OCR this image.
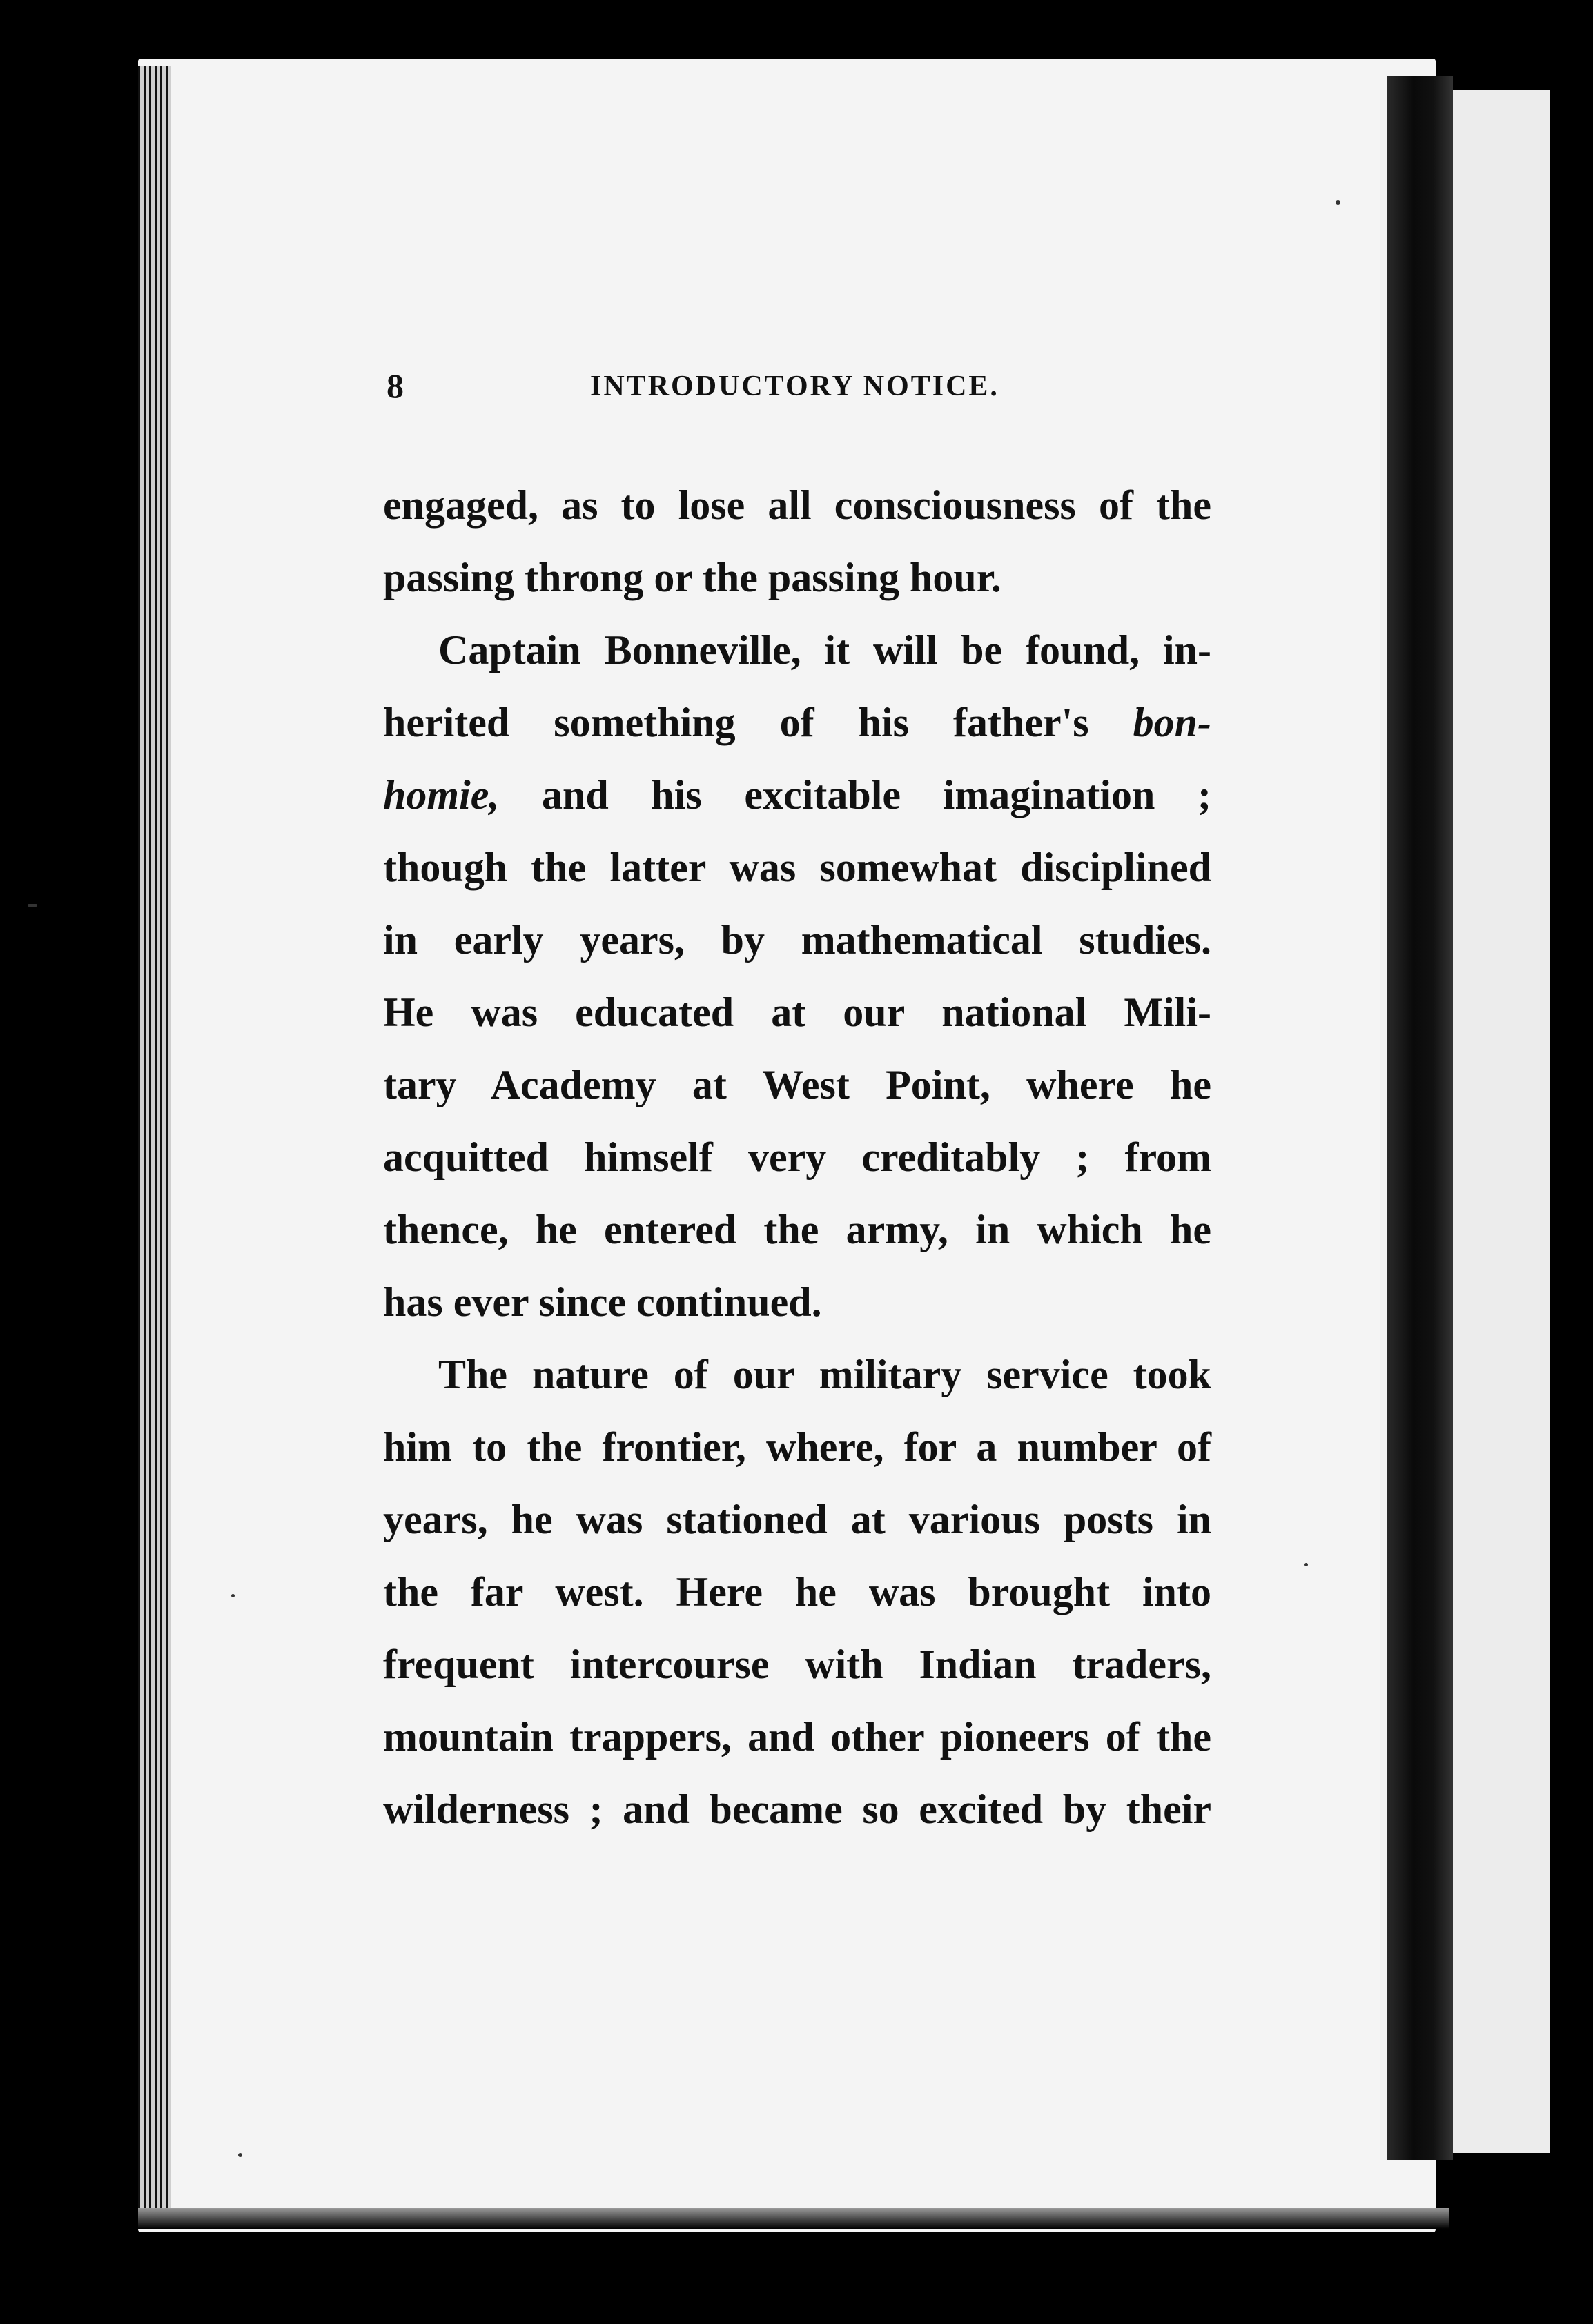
8	INTRODUCTORY NOTICE.
engaged, as to lose all consciousness of the
passing throng or the passing hour.
Captain Bonneville, it will be found, in-
herited something of his father's bon-
homie, and his excitable imagination ;
though the latter was somewhat disciplined
in early years, by mathematical studies.
He was educated at our national Mili-
tary Academy at West Point, where he
acquitted himself very creditably ; from
thence, he entered the army, in which he
has ever since continued.
The nature of our military service took
him to the frontier, where, for a number of
years, he was stationed at various posts in
the far west. Here he was brought into
frequent intercourse with Indian traders,
mountain trappers, and other pioneers of the
wilderness ; and became so excited by their
